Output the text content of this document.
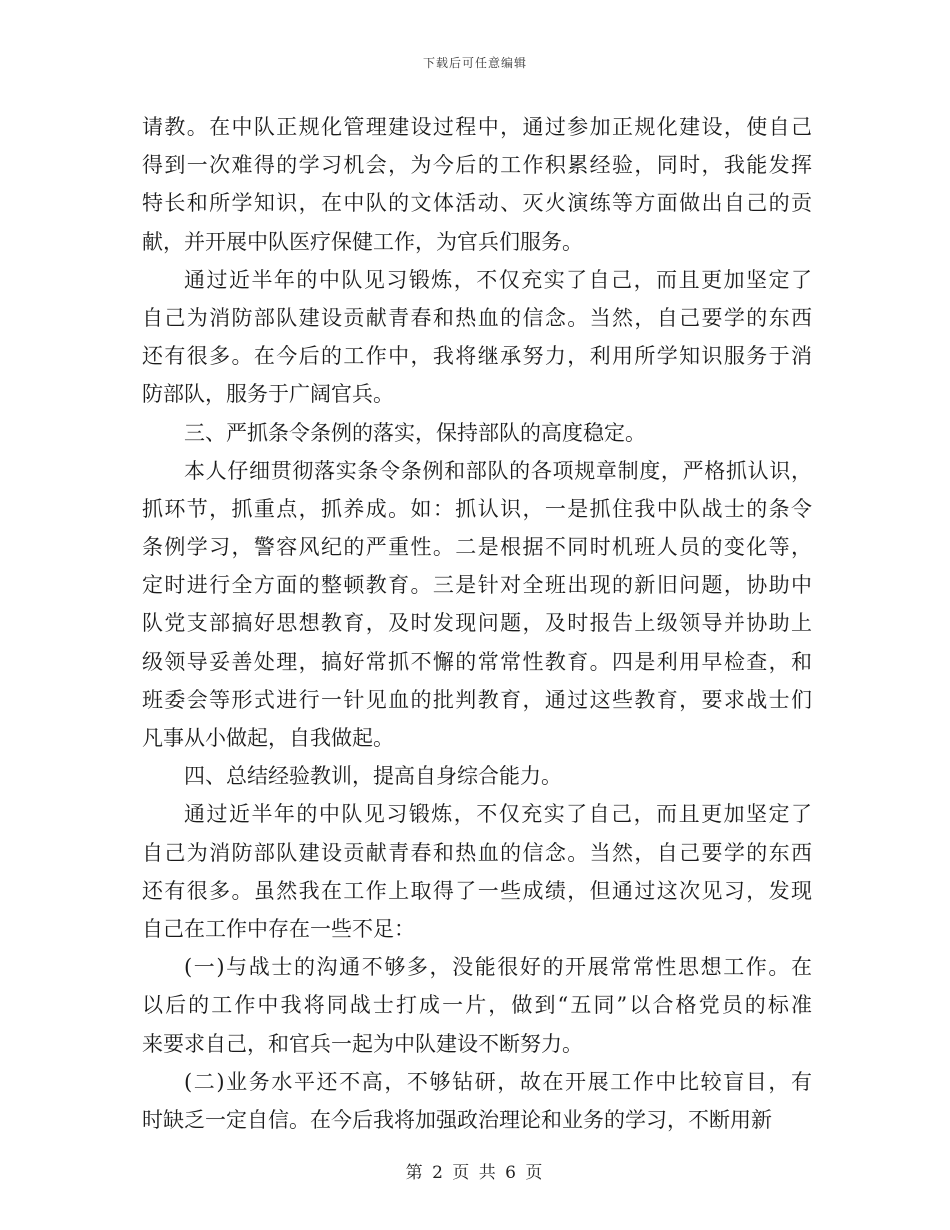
下载后可任意编辑
请教。在中队正规化管理建设过程中，通过参加正规化建设，使自己
得到一次难得的学习机会，为今后的工作积累经验，同时，我能发挥
特长和所学知识，在中队的文体活动、灭火演练等方面做出自己的贡
献，并开展中队医疗保健工作，为官兵们服务。
通过近半年的中队见习锻炼，不仅充实了自己，而且更加坚定了
自己为消防部队建设贡献青春和热血的信念。当然，自己要学的东西
还有很多。在今后的工作中，我将继承努力，利用所学知识服务于消
防部队，服务于广阔官兵。
三、严抓条令条例的落实，保持部队的高度稳定。
本人仔细贯彻落实条令条例和部队的各项规章制度，严格抓认识，
抓环节，抓重点，抓养成。如：抓认识，一是抓住我中队战士的条令
条例学习，警容风纪的严重性。二是根据不同时机班人员的变化等，
定时进行全方面的整顿教育。三是针对全班出现的新旧问题，协助中
队党支部搞好思想教育，及时发现问题，及时报告上级领导并协助上
级领导妥善处理，搞好常抓不懈的常常性教育。四是利用早检查，和
班委会等形式进行一针见血的批判教育，通过这些教育，要求战士们
凡事从小做起，自我做起。
四、总结经验教训，提高自身综合能力。
通过近半年的中队见习锻炼，不仅充实了自己，而且更加坚定了
自己为消防部队建设贡献青春和热血的信念。当然，自己要学的东西
还有很多。虽然我在工作上取得了一些成绩，但通过这次见习，发现
自己在工作中存在一些不足：
(一)与战士的沟通不够多，没能很好的开展常常性思想工作。在
以后的工作中我将同战士打成一片，做到“五同”以合格党员的标准
来要求自己，和官兵一起为中队建设不断努力。
(二)业务水平还不高，不够钻研，故在开展工作中比较盲目，有
时缺乏一定自信。在今后我将加强政治理论和业务的学习，不断用新
第 2 页 共 6 页
